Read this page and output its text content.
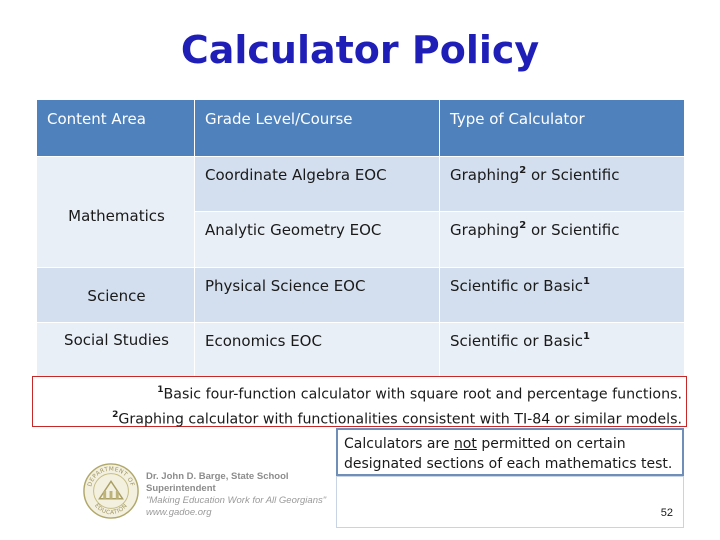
Calculator Policy
Content Area	Grade Level/Course	Type of Calculator
Mathematics	Coordinate Algebra EOC	Graphing$^2$ or Scientific
	Analytic Geometry EOC	Graphing$^2$ or Scientific
Science	Physical Science EOC	Scientific or Basic$^1$
Social Studies	Economics EOC	Scientific or Basic$^1$
$^1$Basic four-function calculator with square root and percentage functions.
$^2$Graphing calculator with functionalities consistent with TI-84 or similar models.
Calculators are not permitted on certain designated sections of each mathematics test.
52
DEPARTMENT OF
EDUCATION
Dr. John D. Barge, State School Superintendent
"Making Education Work for All Georgians"
www.gadoe.org
